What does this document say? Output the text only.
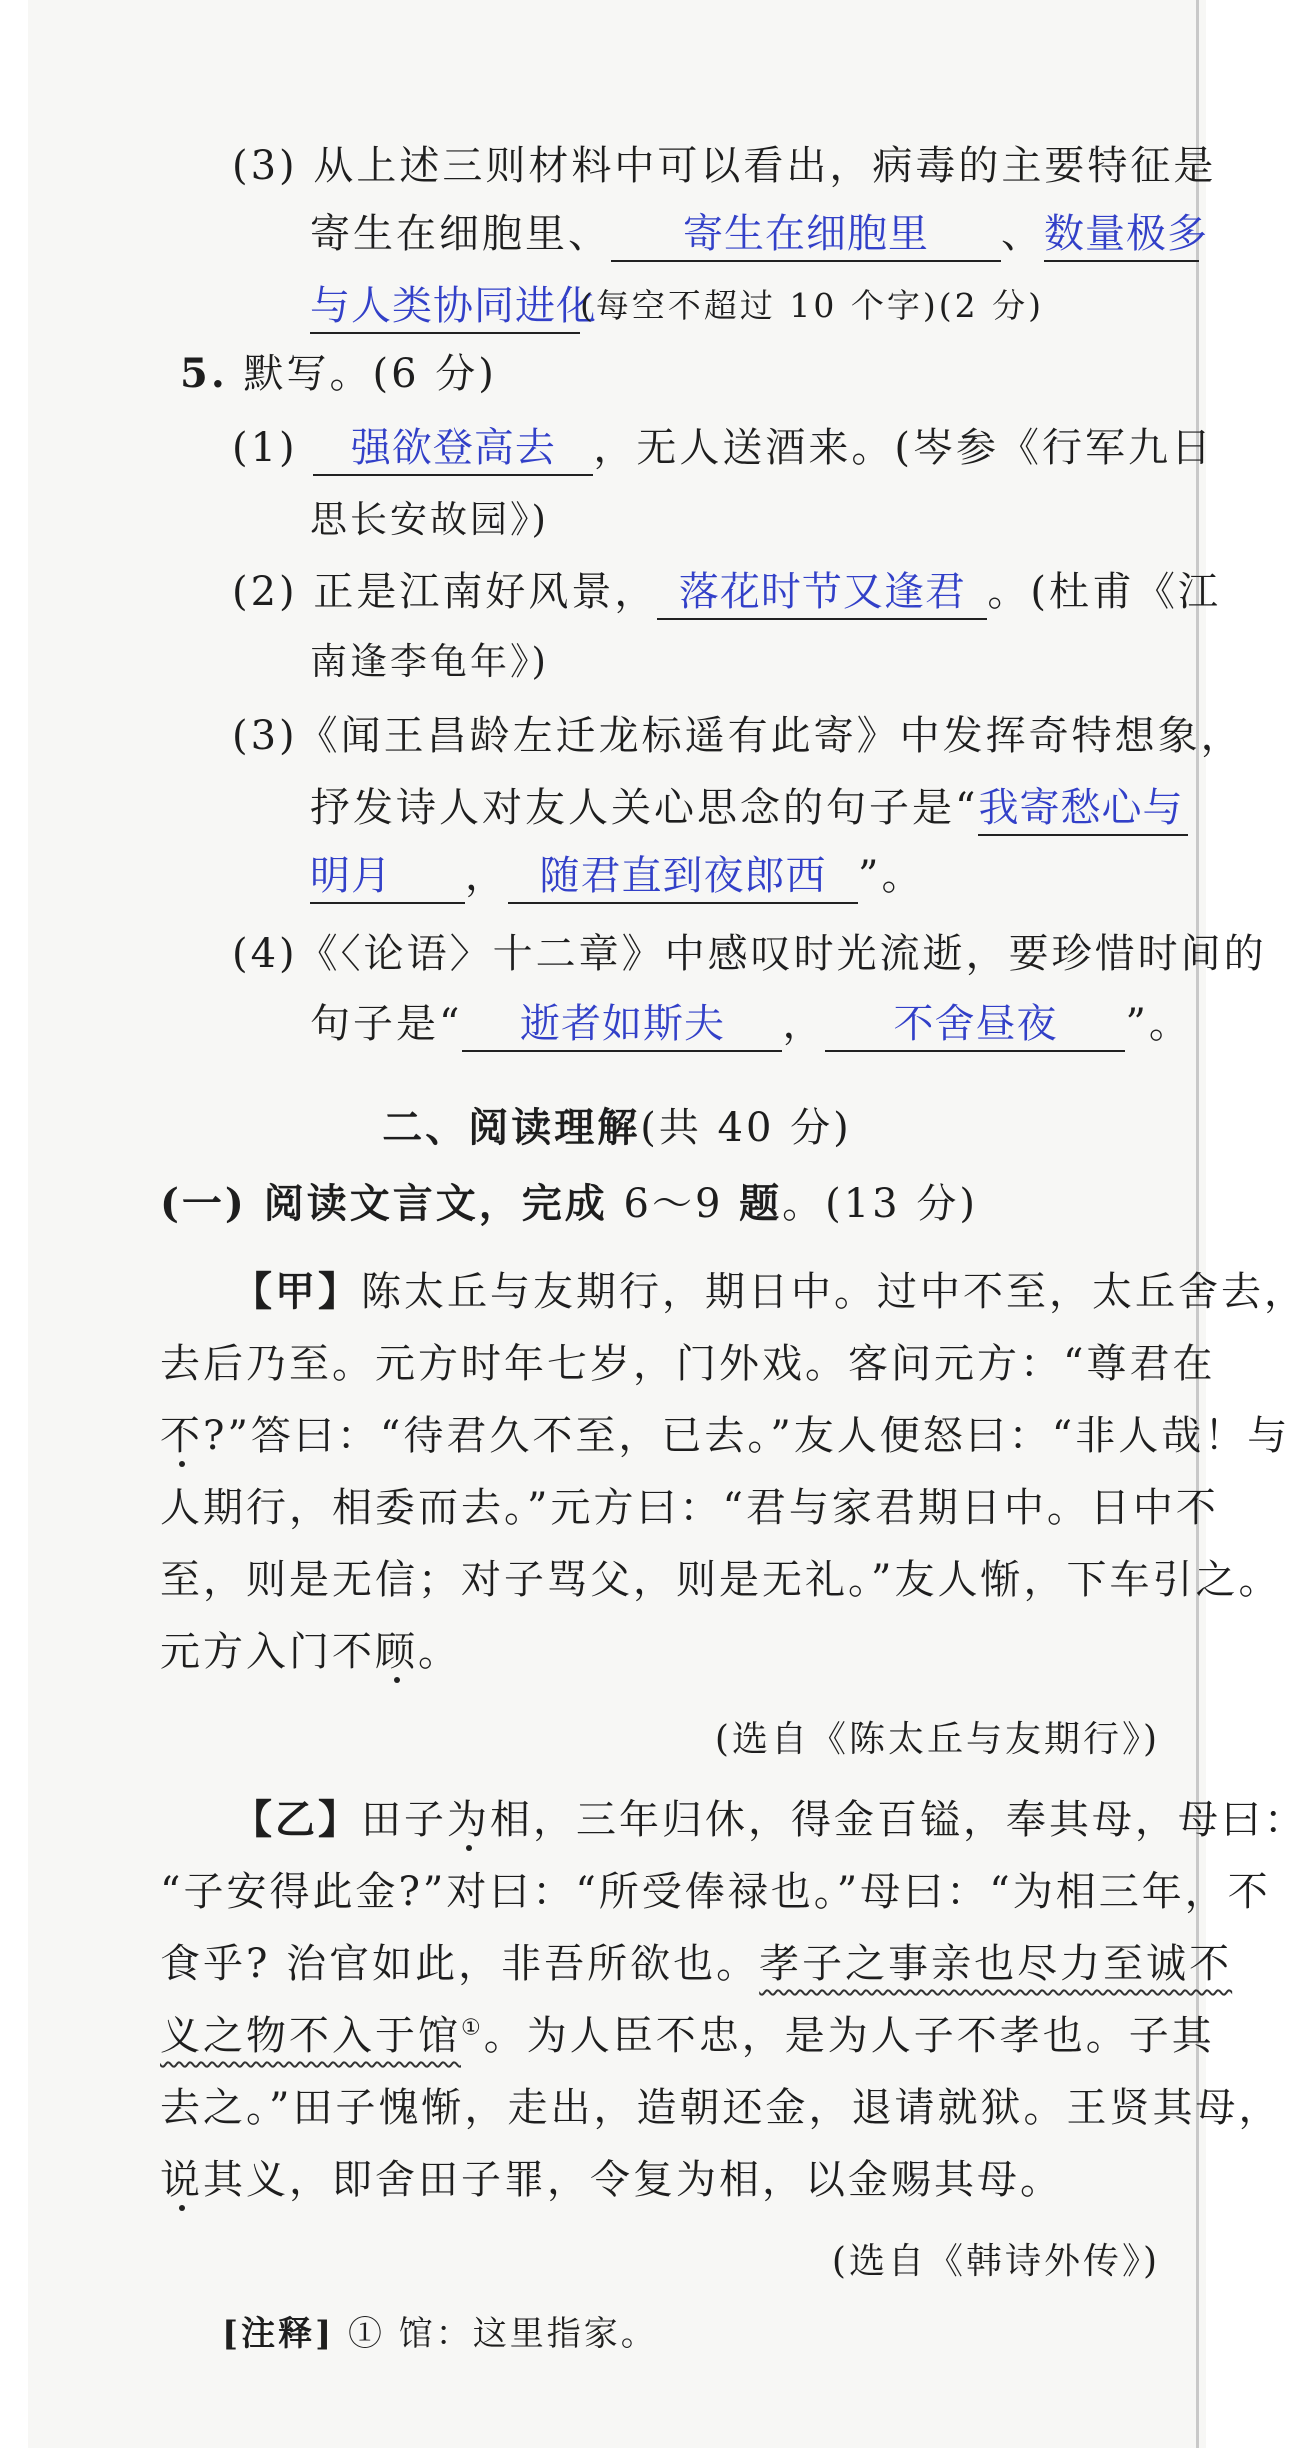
(3) 从上述三则材料中可以看出，病毒的主要特征是
寄生在细胞里、 寄生在细胞里 、数量极多
与人类协同进化(每空不超过 10 个字)(2 分)
5. 默写。(6 分)
(1) 强欲登高去 ，无人送酒来。(岑参《行军九日
思长安故园》)
(2) 正是江南好风景， 落花时节又逢君 。(杜甫《江
南逢李龟年》)
(3)《闻王昌龄左迁龙标遥有此寄》中发挥奇特想象，
抒发诗人对友人关心思念的句子是“我寄愁心与
明月 ， 随君直到夜郎西 ”。
(4)《〈论语〉十二章》中感叹时光流逝，要珍惜时间的
句子是“ 逝者如斯夫 ， 不舍昼夜 ”。
二、阅读理解(共 40 分)
(一) 阅读文言文，完成 6～9 题。(13 分)
【甲】陈太丘与友期行，期日中。过中不至，太丘舍去，
去后乃至。元方时年七岁，门外戏。客问元方：“尊君在
不?”答曰：“待君久不至，已去。”友人便怒曰：“非人哉！与
人期行，相委而去。”元方曰：“君与家君期日中。日中不
至，则是无信；对子骂父，则是无礼。”友人惭，下车引之。
元方入门不顾。
(选自《陈太丘与友期行》)
【乙】田子为相，三年归休，得金百镒，奉其母，母曰：
“子安得此金?”对曰：“所受俸禄也。”母曰：“为相三年，不
食乎? 治官如此，非吾所欲也。孝子之事亲也尽力至诚不
义之物不入于馆①。为人臣不忠，是为人子不孝也。子其
去之。”田子愧惭，走出，造朝还金，退请就狱。王贤其母，
说其义，即舍田子罪，令复为相，以金赐其母。
(选自《韩诗外传》)
[注释] ① 馆：这里指家。
